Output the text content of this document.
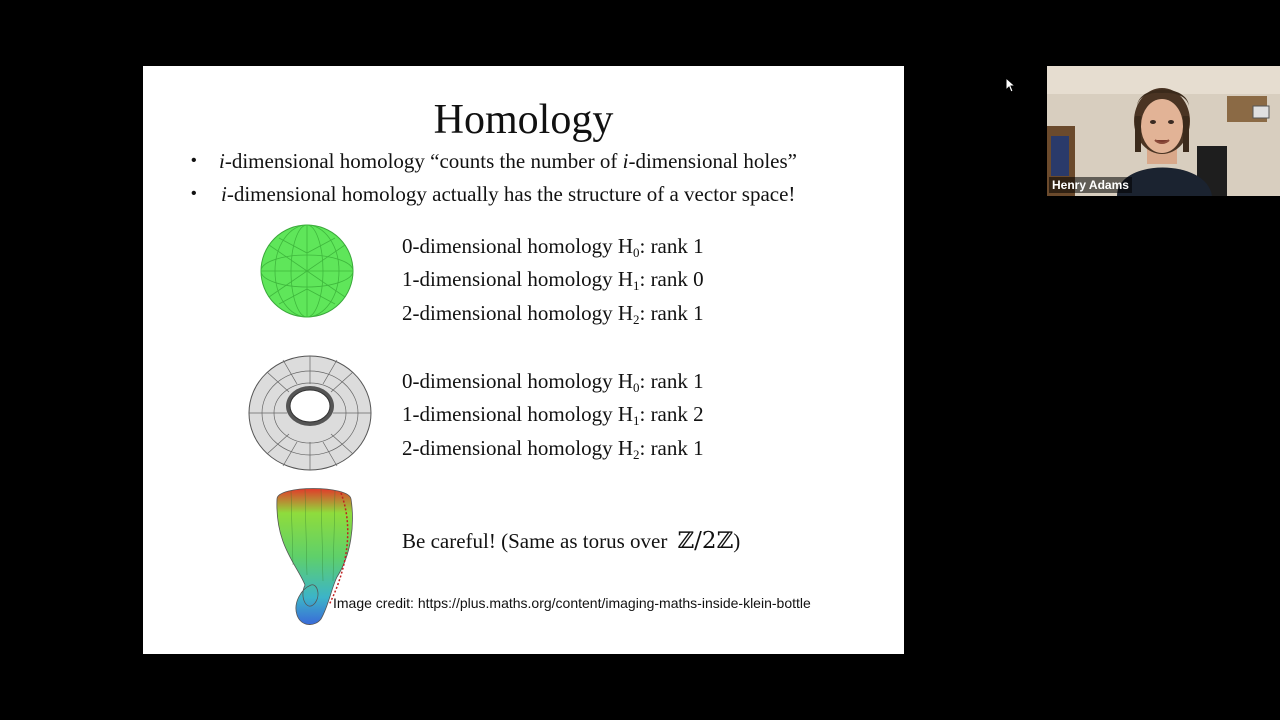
Homology
• i-dimensional homology “counts the number of i-dimensional holes”
• i-dimensional homology actually has the structure of a vector space!
0-dimensional homology $H_0$: rank 1
1-dimensional homology $H_1$: rank 0
2-dimensional homology $H_2$: rank 1
0-dimensional homology $H_0$: rank 1
1-dimensional homology $H_1$: rank 2
2-dimensional homology $H_2$: rank 1
Be careful! (Same as torus over ℤ/2ℤ)
Image credit: https://plus.maths.org/content/imaging-maths-inside-klein-bottle
Henry Adams
